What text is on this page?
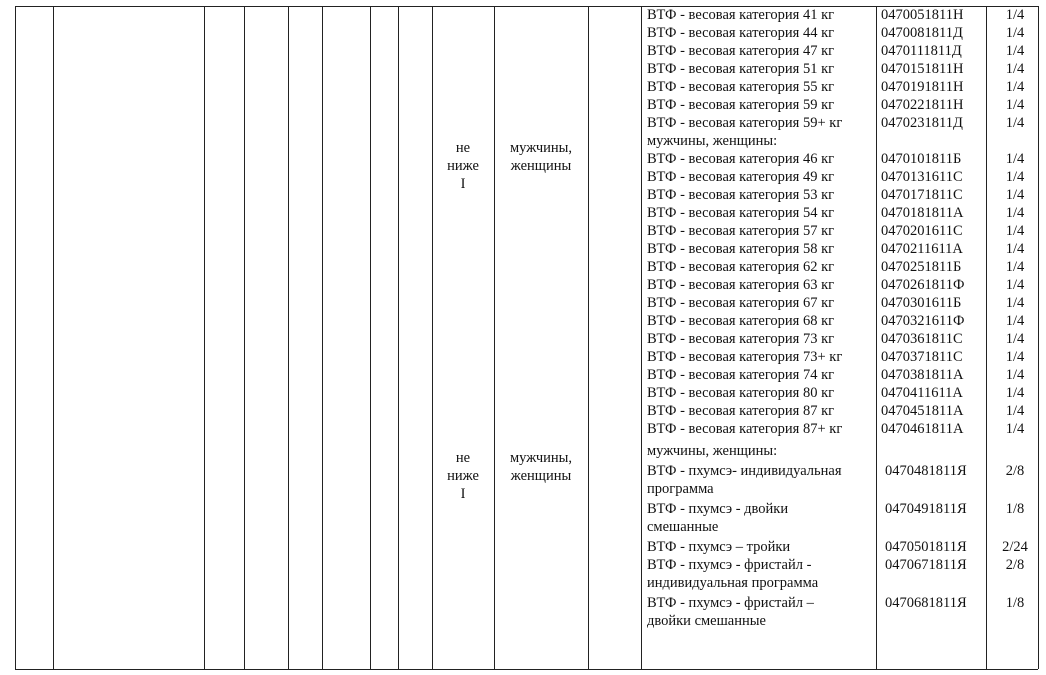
не
ниже
I
мужчины,
женщины
не
ниже
I
мужчины,
женщины
ВТФ - весовая категория 41 кг	0470051811Н	1/4
ВТФ - весовая категория 44 кг	0470081811Д	1/4
ВТФ - весовая категория 47 кг	0470111811Д	1/4
ВТФ - весовая категория 51 кг	0470151811Н	1/4
ВТФ - весовая категория 55 кг	0470191811Н	1/4
ВТФ - весовая категория 59 кг	0470221811Н	1/4
ВТФ - весовая категория 59+ кг	0470231811Д	1/4
мужчины, женщины:
ВТФ - весовая категория 46 кг	0470101811Б	1/4
ВТФ - весовая категория 49 кг	0470131611С	1/4
ВТФ - весовая категория 53 кг	0470171811С	1/4
ВТФ - весовая категория 54 кг	0470181811А	1/4
ВТФ - весовая категория 57 кг	0470201611С	1/4
ВТФ - весовая категория 58 кг	0470211611А	1/4
ВТФ - весовая категория 62 кг	0470251811Б	1/4
ВТФ - весовая категория 63 кг	0470261811Ф	1/4
ВТФ - весовая категория 67 кг	0470301611Б	1/4
ВТФ - весовая категория 68 кг	0470321611Ф	1/4
ВТФ - весовая категория 73 кг	0470361811С	1/4
ВТФ - весовая категория 73+ кг	0470371811С	1/4
ВТФ - весовая категория 74 кг	0470381811А	1/4
ВТФ - весовая категория 80 кг	0470411611А	1/4
ВТФ - весовая категория 87 кг	0470451811А	1/4
ВТФ - весовая категория 87+ кг	0470461811А	1/4
мужчины, женщины:
ВТФ - пхумсэ- индивидуальная программа
0470481811Я	2/8
ВТФ - пхумсэ - двойки смешанные
0470491811Я	1/8
ВТФ - пхумсэ – тройки	0470501811Я	2/24
ВТФ - пхумсэ - фристайл - индивидуальная программа
0470671811Я	2/8
ВТФ - пхумсэ - фристайл – двойки смешанные
0470681811Я	1/8
